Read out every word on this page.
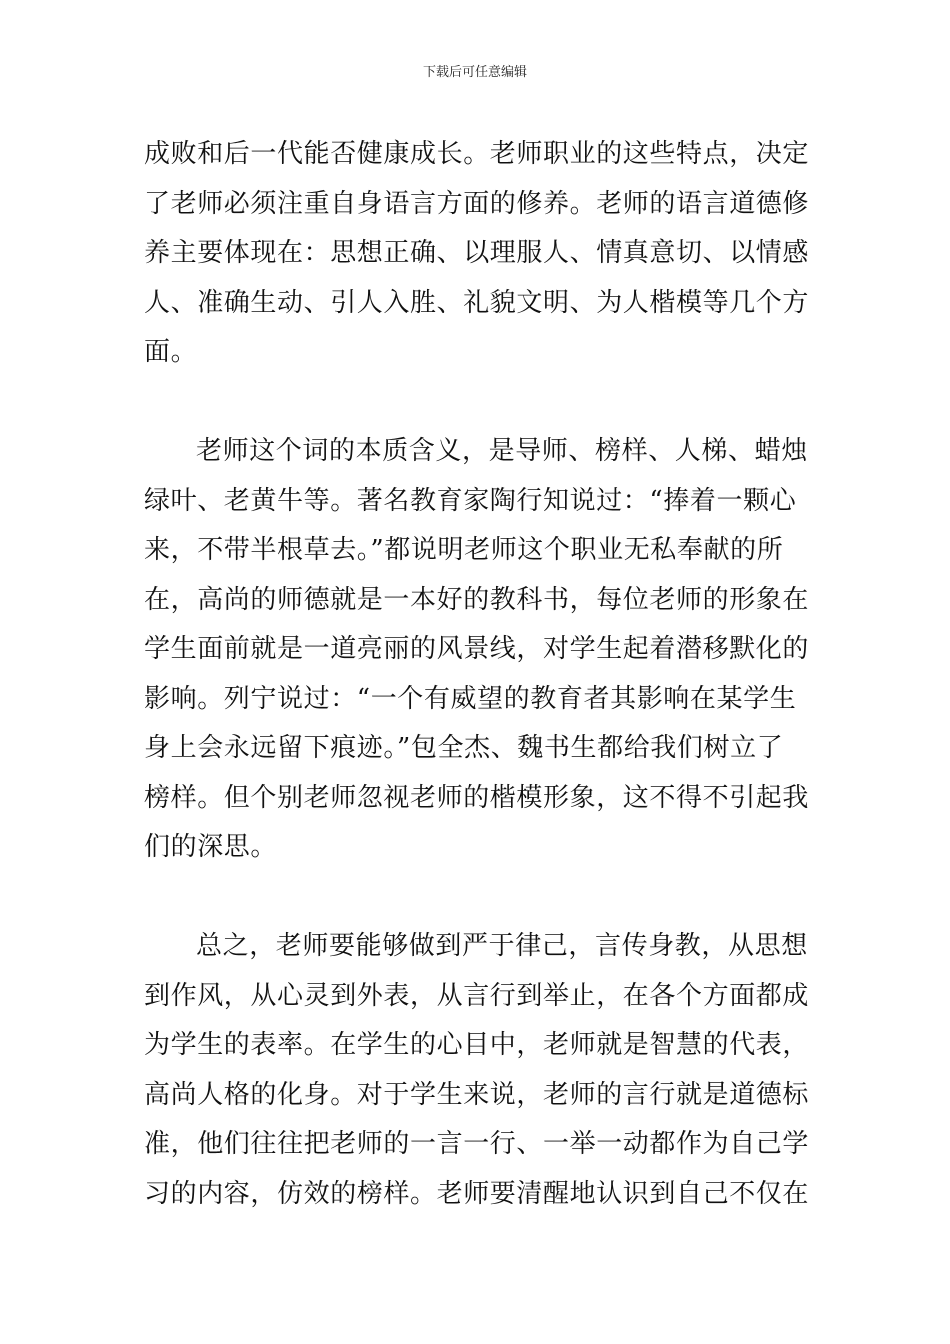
下载后可任意编辑
成败和后一代能否健康成长。老师职业的这些特点，决定
了老师必须注重自身语言方面的修养。老师的语言道德修
养主要体现在：思想正确、以理服人、情真意切、以情感
人、准确生动、引人入胜、礼貌文明、为人楷模等几个方
面。
老师这个词的本质含义，是导师、榜样、人梯、蜡烛
绿叶、老黄牛等。著名教育家陶行知说过：“捧着一颗心
来，不带半根草去。”都说明老师这个职业无私奉献的所
在，高尚的师德就是一本好的教科书，每位老师的形象在
学生面前就是一道亮丽的风景线，对学生起着潜移默化的
影响。列宁说过：“一个有威望的教育者其影响在某学生
身上会永远留下痕迹。”包全杰、魏书生都给我们树立了
榜样。但个别老师忽视老师的楷模形象，这不得不引起我
们的深思。
总之，老师要能够做到严于律己，言传身教，从思想
到作风，从心灵到外表，从言行到举止，在各个方面都成
为学生的表率。在学生的心目中，老师就是智慧的代表，
高尚人格的化身。对于学生来说，老师的言行就是道德标
准，他们往往把老师的一言一行、一举一动都作为自己学
习的内容，仿效的榜样。老师要清醒地认识到自己不仅在
